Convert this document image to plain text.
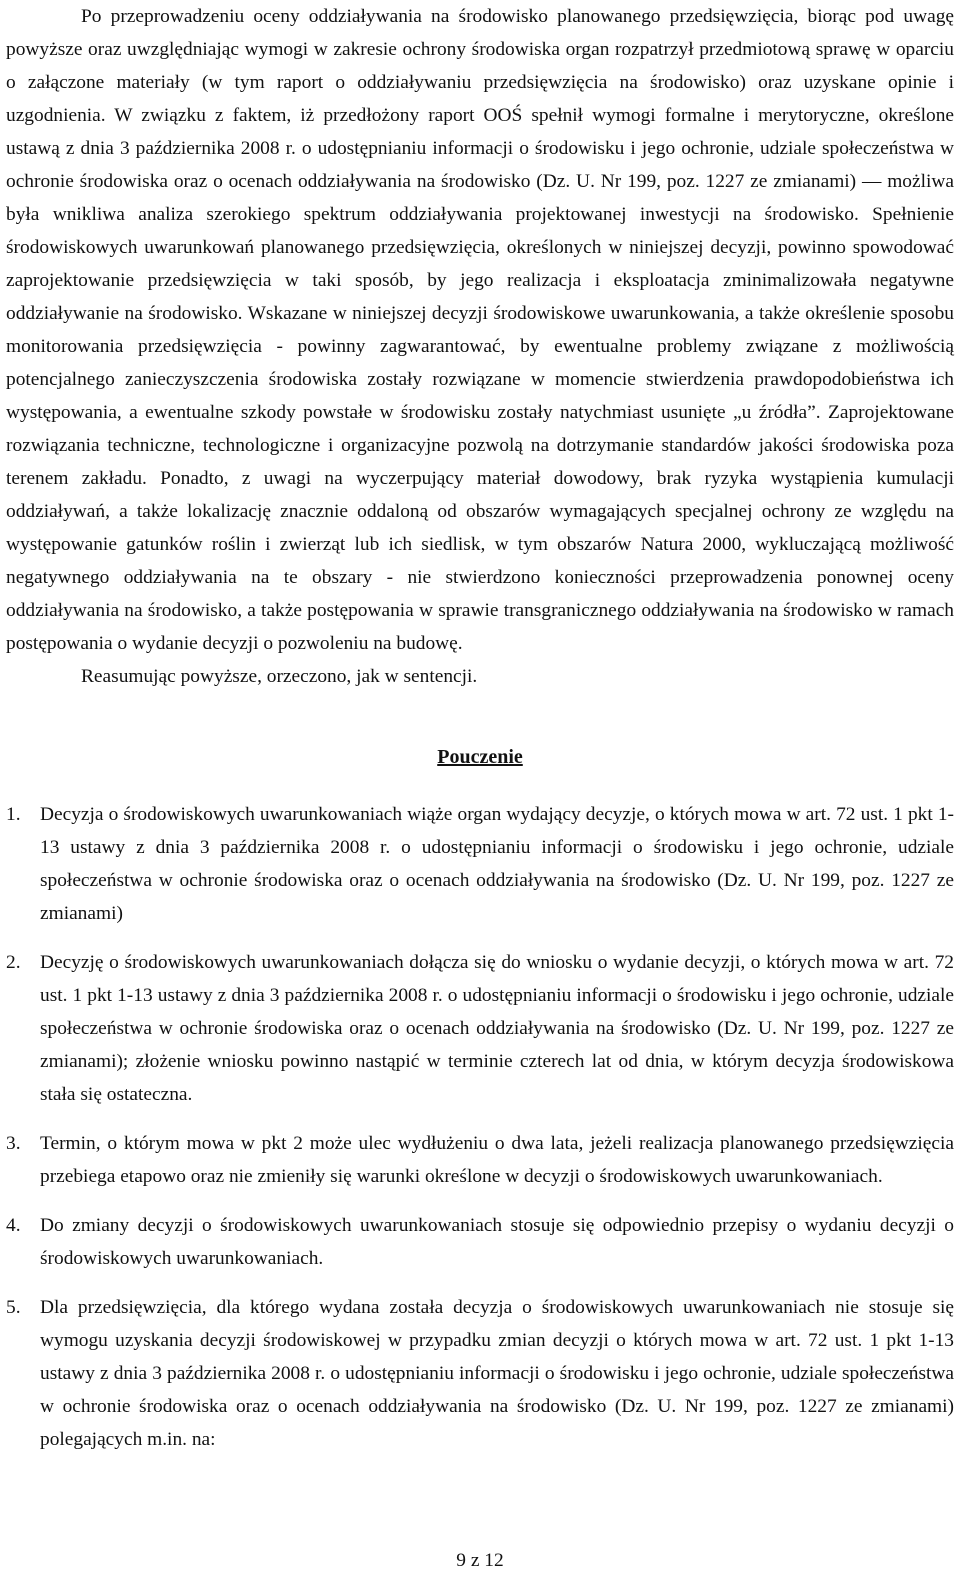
Po przeprowadzeniu oceny oddziaływania na środowisko planowanego przedsięwzięcia, biorąc pod uwagę powyższe oraz uwzględniając wymogi w zakresie ochrony środowiska organ rozpatrzył przedmiotową sprawę w oparciu o załączone materiały (w tym raport o oddziaływaniu przedsięwzięcia na środowisko) oraz uzyskane opinie i uzgodnienia. W związku z faktem, iż przedłożony raport OOŚ spełnił wymogi formalne i merytoryczne, określone ustawą z dnia 3 października 2008 r. o udostępnianiu informacji o środowisku i jego ochronie, udziale społeczeństwa w ochronie środowiska oraz o ocenach oddziaływania na środowisko (Dz. U. Nr 199, poz. 1227 ze zmianami) — możliwa była wnikliwa analiza szerokiego spektrum oddziaływania projektowanej inwestycji na środowisko. Spełnienie środowiskowych uwarunkowań planowanego przedsięwzięcia, określonych w niniejszej decyzji, powinno spowodować zaprojektowanie przedsięwzięcia w taki sposób, by jego realizacja i eksploatacja zminimalizowała negatywne oddziaływanie na środowisko. Wskazane w niniejszej decyzji środowiskowe uwarunkowania, a także określenie sposobu monitorowania przedsięwzięcia - powinny zagwarantować, by ewentualne problemy związane z możliwością potencjalnego zanieczyszczenia środowiska zostały rozwiązane w momencie stwierdzenia prawdopodobieństwa ich występowania, a ewentualne szkody powstałe w środowisku zostały natychmiast usunięte „u źródła”. Zaprojektowane rozwiązania techniczne, technologiczne i organizacyjne pozwolą na dotrzymanie standardów jakości środowiska poza terenem zakładu. Ponadto, z uwagi na wyczerpujący materiał dowodowy, brak ryzyka wystąpienia kumulacji oddziaływań, a także lokalizację znacznie oddaloną od obszarów wymagających specjalnej ochrony ze względu na występowanie gatunków roślin i zwierząt lub ich siedlisk, w tym obszarów Natura 2000, wykluczającą możliwość negatywnego oddziaływania na te obszary - nie stwierdzono konieczności przeprowadzenia ponownej oceny oddziaływania na środowisko, a także postępowania w sprawie transgranicznego oddziaływania na środowisko w ramach postępowania o wydanie decyzji o pozwoleniu na budowę.

Reasumując powyższe, orzeczono, jak w sentencji.

Pouczenie

1. Decyzja o środowiskowych uwarunkowaniach wiąże organ wydający decyzje, o których mowa w art. 72 ust. 1 pkt 1-13 ustawy z dnia 3 października 2008 r. o udostępnianiu informacji o środowisku i jego ochronie, udziale społeczeństwa w ochronie środowiska oraz o ocenach oddziaływania na środowisko (Dz. U. Nr 199, poz. 1227 ze zmianami)
2. Decyzję o środowiskowych uwarunkowaniach dołącza się do wniosku o wydanie decyzji, o których mowa w art. 72 ust. 1 pkt 1-13 ustawy z dnia 3 października 2008 r. o udostępnianiu informacji o środowisku i jego ochronie, udziale społeczeństwa w ochronie środowiska oraz o ocenach oddziaływania na środowisko (Dz. U. Nr 199, poz. 1227 ze zmianami); złożenie wniosku powinno nastąpić w terminie czterech lat od dnia, w którym decyzja środowiskowa stała się ostateczna.
3. Termin, o którym mowa w pkt 2 może ulec wydłużeniu o dwa lata, jeżeli realizacja planowanego przedsięwzięcia przebiega etapowo oraz nie zmieniły się warunki określone w decyzji o środowiskowych uwarunkowaniach.
4. Do zmiany decyzji o środowiskowych uwarunkowaniach stosuje się odpowiednio przepisy o wydaniu decyzji o środowiskowych uwarunkowaniach.
5. Dla przedsięwzięcia, dla którego wydana została decyzja o środowiskowych uwarunkowaniach nie stosuje się wymogu uzyskania decyzji środowiskowej w przypadku zmian decyzji o których mowa w art. 72 ust. 1 pkt 1-13 ustawy z dnia 3 października 2008 r. o udostępnianiu informacji o środowisku i jego ochronie, udziale społeczeństwa w ochronie środowiska oraz o ocenach oddziaływania na środowisko (Dz. U. Nr 199, poz. 1227 ze zmianami) polegających m.in. na:
9 z 12
